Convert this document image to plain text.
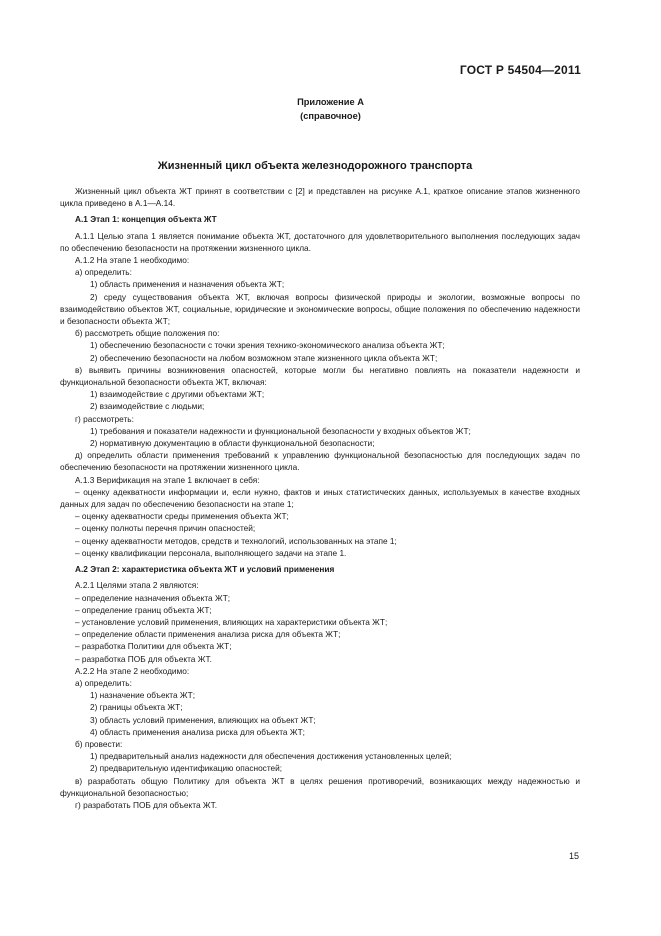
ГОСТ Р 54504—2011
Приложение А
(справочное)
Жизненный цикл объекта железнодорожного транспорта

Жизненный цикл объекта ЖТ принят в соответствии с [2] и представлен на рисунке А.1, краткое описание этапов жизненного цикла приведено в А.1—А.14.

А.1 Этап 1: концепция объекта ЖТ

А.1.1 Целью этапа 1 является понимание объекта ЖТ, достаточного для удовлетворительного выполнения последующих задач по обеспечению безопасности на протяжении жизненного цикла.

А.1.2 На этапе 1 необходимо:

а) определить:

1) область применения и назначения объекта ЖТ;

2) среду существования объекта ЖТ, включая вопросы физической природы и экологии, возможные вопросы по взаимодействию объектов ЖТ, социальные, юридические и экономические вопросы, общие положения по обеспечению надежности и безопасности объекта ЖТ;

б) рассмотреть общие положения по:

1) обеспечению безопасности с точки зрения технико-экономического анализа объекта ЖТ;

2) обеспечению безопасности на любом возможном этапе жизненного цикла объекта ЖТ;

в) выявить причины возникновения опасностей, которые могли бы негативно повлиять на показатели надежности и функциональной безопасности объекта ЖТ, включая:

1) взаимодействие с другими объектами ЖТ;

2) взаимодействие с людьми;

г) рассмотреть:

1) требования и показатели надежности и функциональной безопасности у входных объектов ЖТ;

2) нормативную документацию в области функциональной безопасности;

д) определить области применения требований к управлению функциональной безопасностью для последующих задач по обеспечению безопасности на протяжении жизненного цикла.

А.1.3 Верификация на этапе 1 включает в себя:

– оценку адекватности информации и, если нужно, фактов и иных статистических данных, используемых в качестве входных данных для задач по обеспечению безопасности на этапе 1;

– оценку адекватности среды применения объекта ЖТ;

– оценку полноты перечня причин опасностей;

– оценку адекватности методов, средств и технологий, использованных на этапе 1;

– оценку квалификации персонала, выполняющего задачи на этапе 1.

А.2 Этап 2: характеристика объекта ЖТ и условий применения

А.2.1 Целями этапа 2 являются:

– определение назначения объекта ЖТ;

– определение границ объекта ЖТ;

– установление условий применения, влияющих на характеристики объекта ЖТ;

– определение области применения анализа риска для объекта ЖТ;

– разработка Политики для объекта ЖТ;

– разработка ПОБ для объекта ЖТ.

А.2.2 На этапе 2 необходимо:

а) определить:

1) назначение объекта ЖТ;

2) границы объекта ЖТ;

3) область условий применения, влияющих на объект ЖТ;

4) область применения анализа риска для объекта ЖТ;

б) провести:

1) предварительный анализ надежности для обеспечения достижения установленных целей;

2) предварительную идентификацию опасностей;

в) разработать общую Политику для объекта ЖТ в целях решения противоречий, возникающих между надежностью и функциональной безопасностью;

г) разработать ПОБ для объекта ЖТ.

15
